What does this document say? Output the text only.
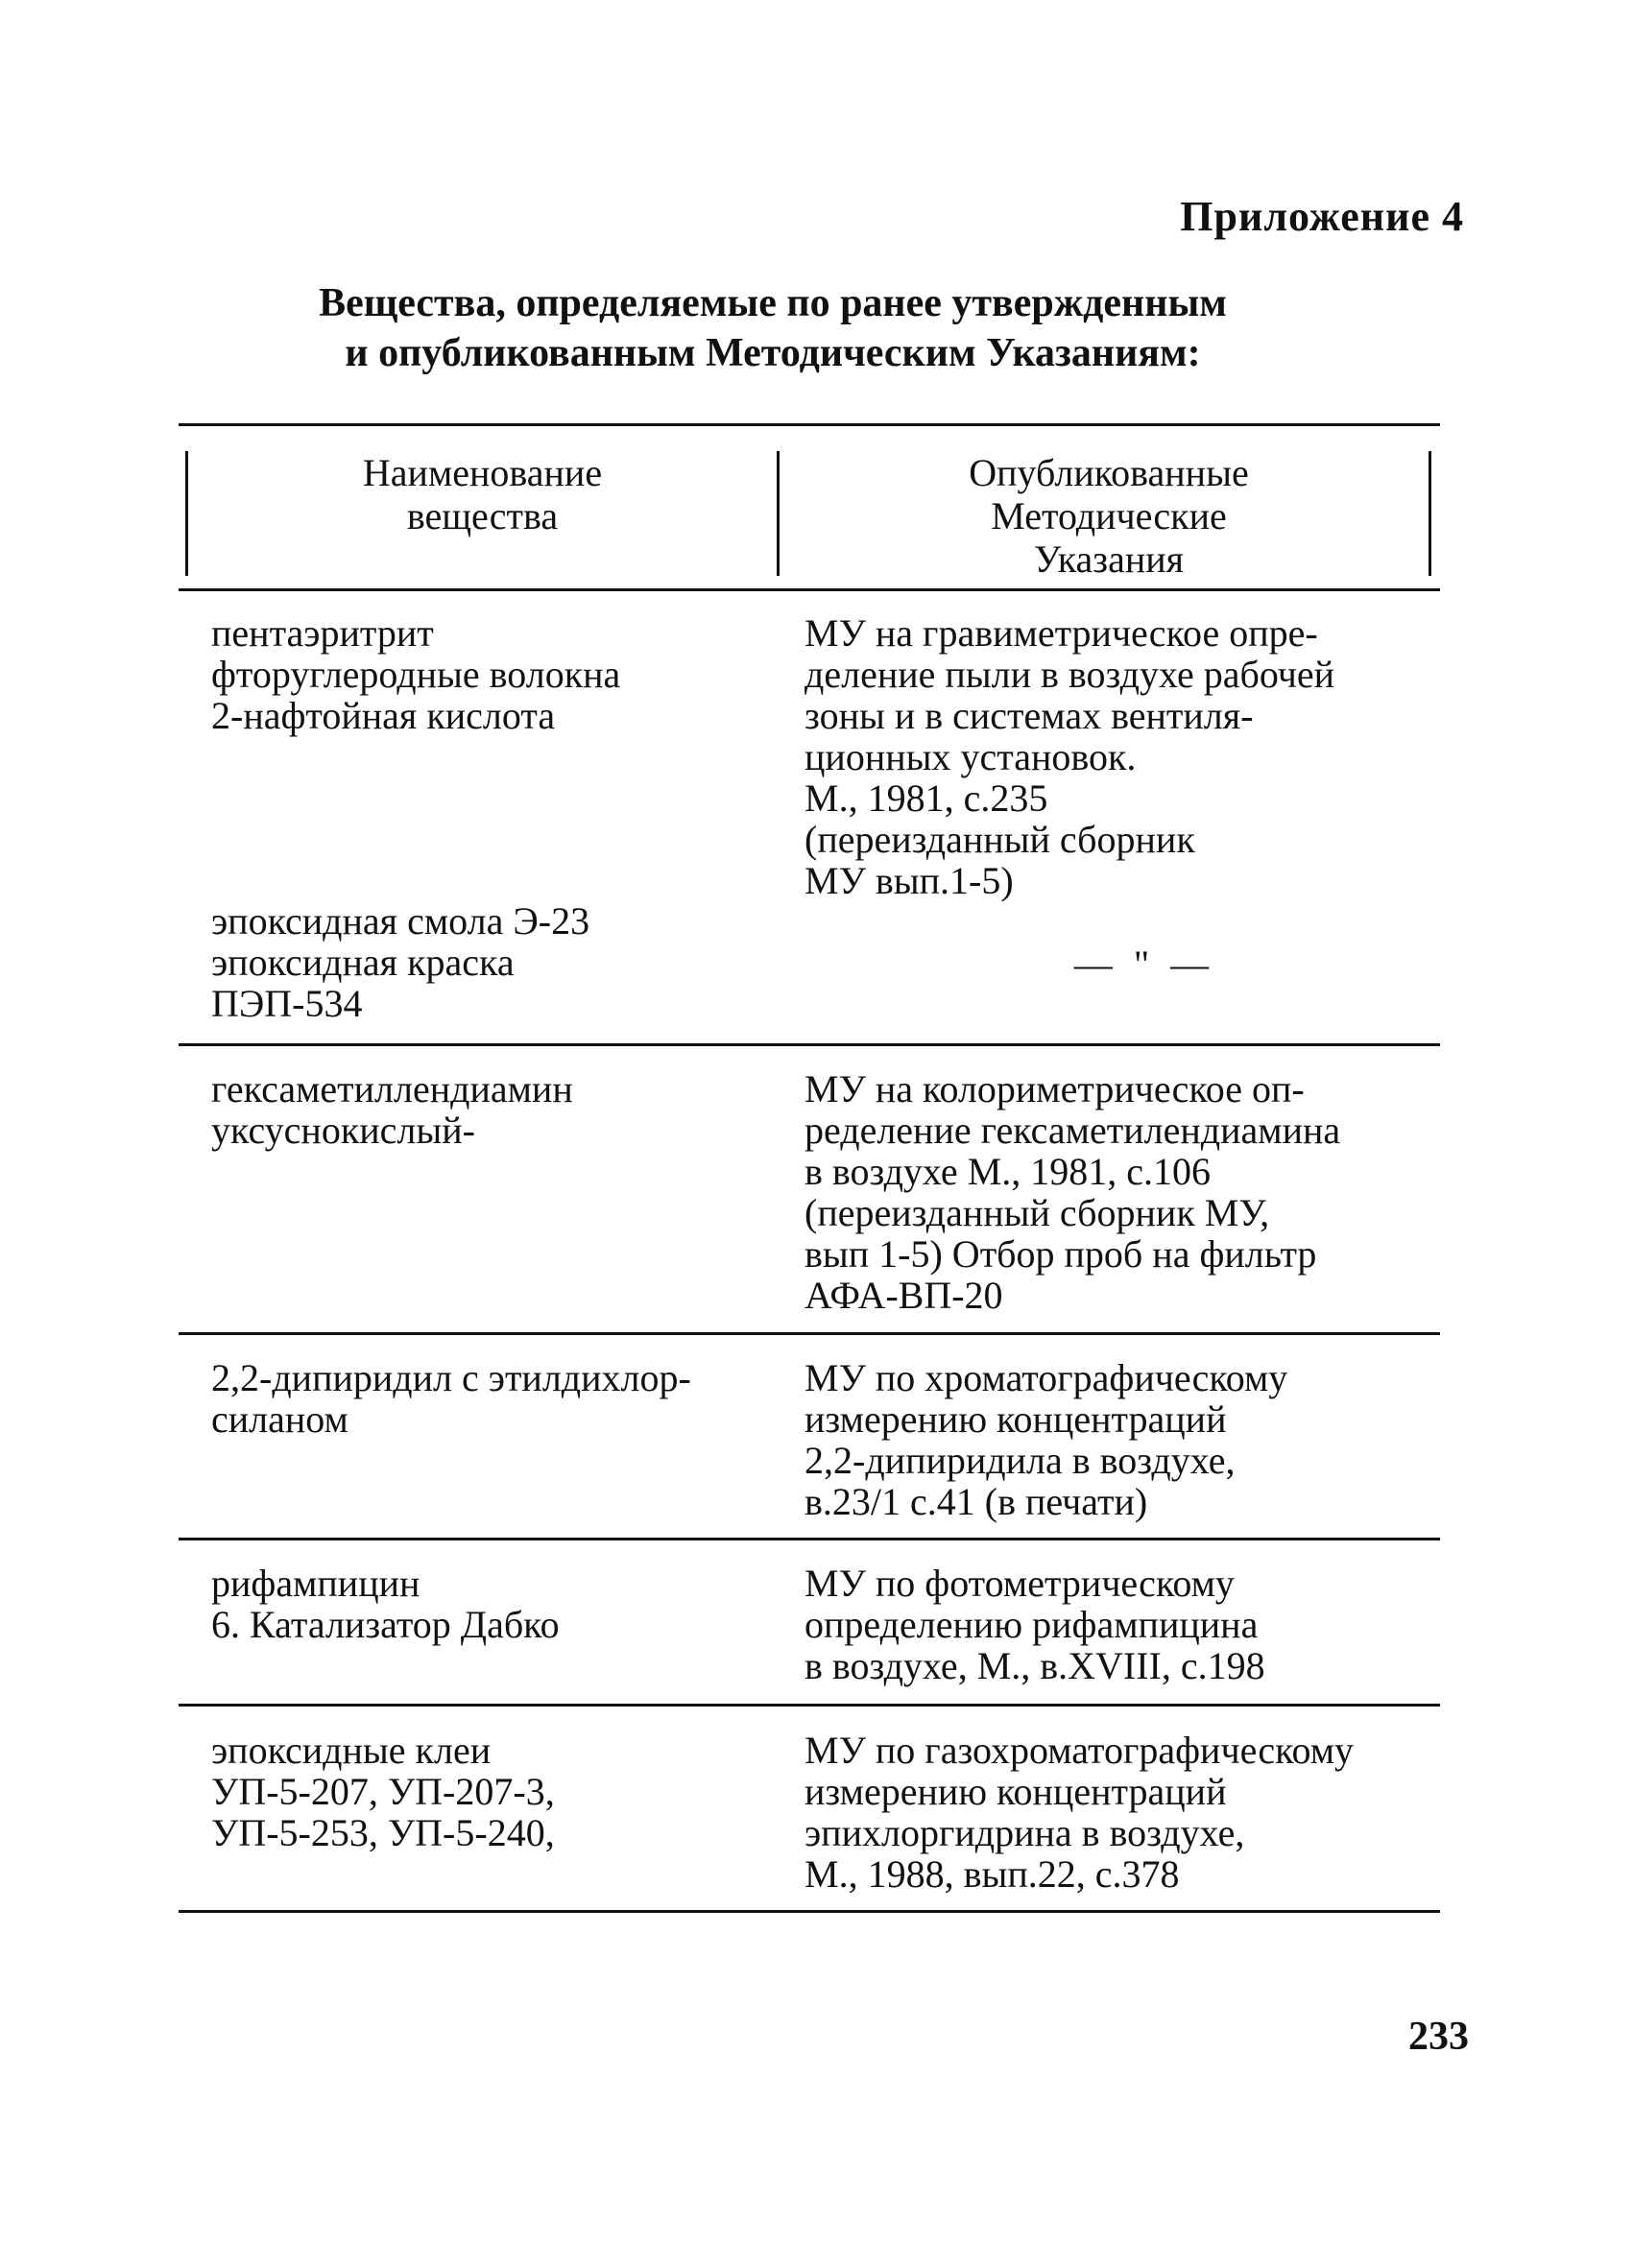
Приложение 4
Вещества, определяемые по ранее утвержденным
и опубликованным Методическим Указаниям:
Наименование
вещества
Опубликованные
Методические
Указания
пентаэритрит
фторуглеродные волокна
2-нафтойная кислота
МУ на гравиметрическое опре-
деление пыли в воздухе рабочей
зоны и в системах вентиля-
ционных установок.
М., 1981, с.235
(переизданный сборник
МУ вып.1-5)
эпоксидная смола Э-23
эпоксидная краска
ПЭП-534
— " —
гексаметиллендиамин
уксуснокислый-
МУ на колориметрическое оп-
ределение гексаметилендиамина
в воздухе М., 1981, с.106
(переизданный сборник МУ,
вып 1-5) Отбор проб на фильтр
АФА-ВП-20
2,2-дипиридил с этилдихлор-
силаном
МУ по хроматографическому
измерению концентраций
2,2-дипиридила в воздухе,
в.23/1 с.41 (в печати)
рифампицин
6. Катализатор Дабко
МУ по фотометрическому
определению рифампицина
в воздухе, М., в.XVIII, с.198
эпоксидные клеи
УП-5-207, УП-207-3,
УП-5-253, УП-5-240,
МУ по газохроматографическому
измерению концентраций
эпихлоргидрина в воздухе,
М., 1988, вып.22, с.378
233
